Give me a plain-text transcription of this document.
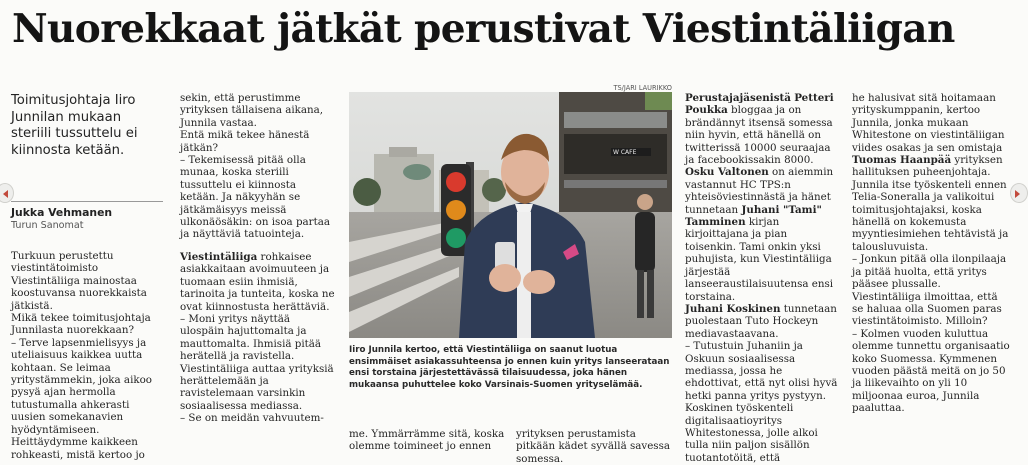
Nuorekkaat jätkät perustivat Viestintäliigan
Toimitusjohtaja Iiro Junnilan mukaan steriili tussuttelu ei kiinnosta ketään.
Jukka Vehmanen
Turun Sanomat

Turkuun perustettu viestintätoimisto Viestintäliiga mainostaa koostuvansa nuorekkaista jätkistä.

Mikä tekee toimitusjohtaja Junnilasta nuorekkaan?

– Terve lapsenmielisyys ja uteliaisuus kaikkea uutta kohtaan. Se leimaa yritystämmekin, joka aikoo pysyä ajan hermolla tutustumalla ahkerasti uusien somekanavien hyödyntämiseen. Heittäydymme kaikkeen rohkeasti, mistä kertoo jo

sekin, että perustimme yrityksen tällaisena aikana, Junnila vastaa.

Entä mikä tekee hänestä jätkän?

– Tekemisessä pitää olla munaa, koska steriili tussuttelu ei kiinnosta ketään. Ja näkyyhän se jätkämäisyys meissä ulkonäösäkin: on isoa partaa ja näyttäviä tatuointeja.

Viestintäliiga rohkaisee asiakkaitaan avoimuuteen ja tuomaan esiin ihmisiä, tarinoita ja tunteita, koska ne ovat kiinnostusta herättäviä.

– Moni yritys näyttää ulospäin hajuttomalta ja mauttomalta. Ihmisiä pitää herätellä ja ravistella.

Viestintäliiga auttaa yrityksiä herättelemään ja ravistelemaan varsinkin sosiaalisessa mediassa.

– Se on meidän vahvuutem-

TS/JARI LAURIKKO
W CAFE
Iiro Junnila kertoo, että Viestintäliiga on saanut luotua ensimmäiset asiakassuhteensa jo ennen kuin yritys lanseerataan ensi torstaina järjestettävässä tilaisuudessa, joka hänen mukaansa puhuttelee koko Varsinais-Suomen yrityselämää.

me. Ymmärrämme sitä, koska olemme toimineet jo ennen

yrityksen perustamista pitkään kädet syvällä savessa somessa.

Perustajajäsenistä Petteri Poukka bloggaa ja on brändännyt itsensä somessa niin hyvin, että hänellä on twitterissä 10000 seuraajaa ja facebookissakin 8000.

Osku Valtonen on aiemmin vastannut HC TPS:n yhteisöviestinnästä ja hänet tunnetaan Juhani "Tami" Tamminen kirjan kirjoittajana ja pian toisenkin. Tami onkin yksi puhujista, kun Viestintäliiga järjestää lanseeraustilaisuutensa ensi torstaina.

Juhani Koskinen tunnetaan puolestaan Tuto Hockeyn mediavastaavana.

– Tutustuin Juhaniin ja Oskuun sosiaalisessa mediassa, jossa he ehdottivat, että nyt olisi hyvä hetki panna yritys pystyyn. Koskinen työskenteli digitalisaatioyritys Whitestonessa, jolle alkoi tulla niin paljon sisällön tuotantotöitä, että

he halusivat sitä hoitamaan yrityskumppanin, kertoo Junnila, jonka mukaan Whitestone on viestintäliigan viides osakas ja sen omistaja Tuomas Haanpää yrityksen hallituksen puheenjohtaja.

Junnila itse työskenteli ennen Telia-Soneralla ja valikoitui toimitusjohtajaksi, koska hänellä on kokemusta myyntiesimiehen tehtävistä ja talousluvuista.

– Jonkun pitää olla ilonpilaaja ja pitää huolta, että yritys pääsee plussalle.

Viestintäliiga ilmoittaa, että se haluaa olla Suomen paras viestintätoimisto. Milloin?

– Kolmen vuoden kuluttua olemme tunnettu organisaatio koko Suomessa. Kymmenen vuoden päästä meitä on jo 50 ja liikevaihto on yli 10 miljoonaa euroa, Junnila paaluttaa.
